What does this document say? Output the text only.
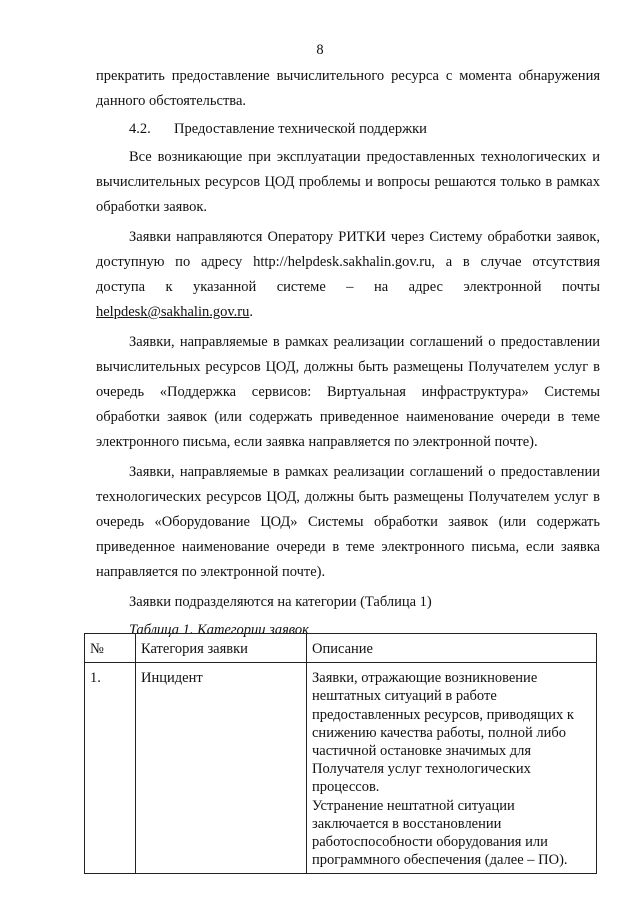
8

прекратить предоставление вычислительного ресурса с момента обнаружения данного обстоятельства.

4.2. Предоставление технической поддержки

Все возникающие при эксплуатации предоставленных технологических и вычислительных ресурсов ЦОД проблемы и вопросы решаются только в рамках обработки заявок.

Заявки направляются Оператору РИТКИ через Систему обработки заявок, доступную по адресу http://helpdesk.sakhalin.gov.ru, а в случае отсутствия доступа к указанной системе – на адрес электронной почты helpdesk@sakhalin.gov.ru.

Заявки, направляемые в рамках реализации соглашений о предоставлении вычислительных ресурсов ЦОД, должны быть размещены Получателем услуг в очередь «Поддержка сервисов: Виртуальная инфраструктура» Системы обработки заявок (или содержать приведенное наименование очереди в теме электронного письма, если заявка направляется по электронной почте).

Заявки, направляемые в рамках реализации соглашений о предоставлении технологических ресурсов ЦОД, должны быть размещены Получателем услуг в очередь «Оборудование ЦОД» Системы обработки заявок (или содержать приведенное наименование очереди в теме электронного письма, если заявка направляется по электронной почте).

Заявки подразделяются на категории (Таблица 1)

Таблица 1. Категории заявок

№	Категория заявки	Описание
1.	Инцидент	Заявки, отражающие возникновение нештатных ситуаций в работе предоставленных ресурсов, приводящих к снижению качества работы, полной либо частичной остановке значимых для Получателя услуг технологических процессов.

Устранение нештатной ситуации заключается в восстановлении работоспособности оборудования или программного обеспечения (далее – ПО).
